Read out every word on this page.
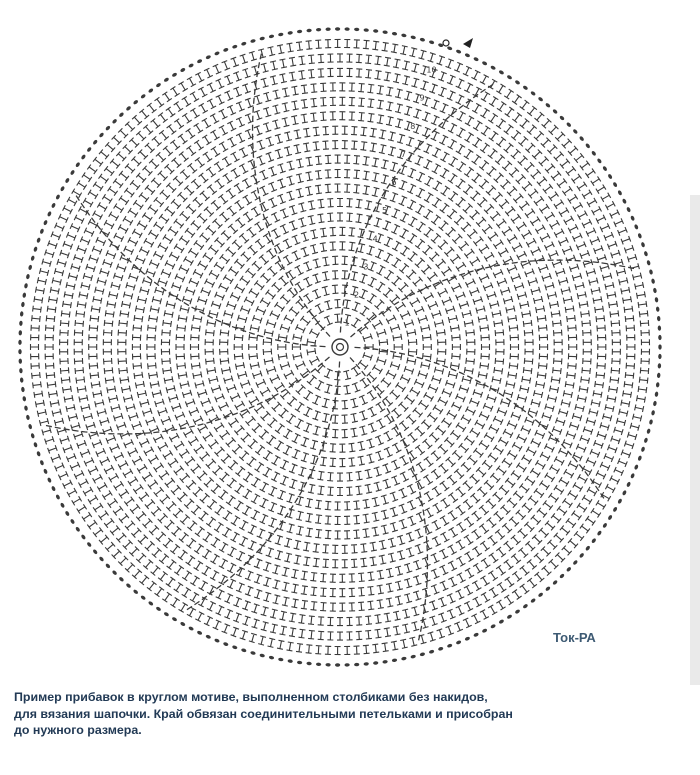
10
9
8
7
6
5
4
3
2
1
Ток-РА
Пример прибавок в круглом мотиве, выполненном столбиками без накидов,
для вязания шапочки. Край обвязан соединительными петельками и присобран
до нужного размера.
